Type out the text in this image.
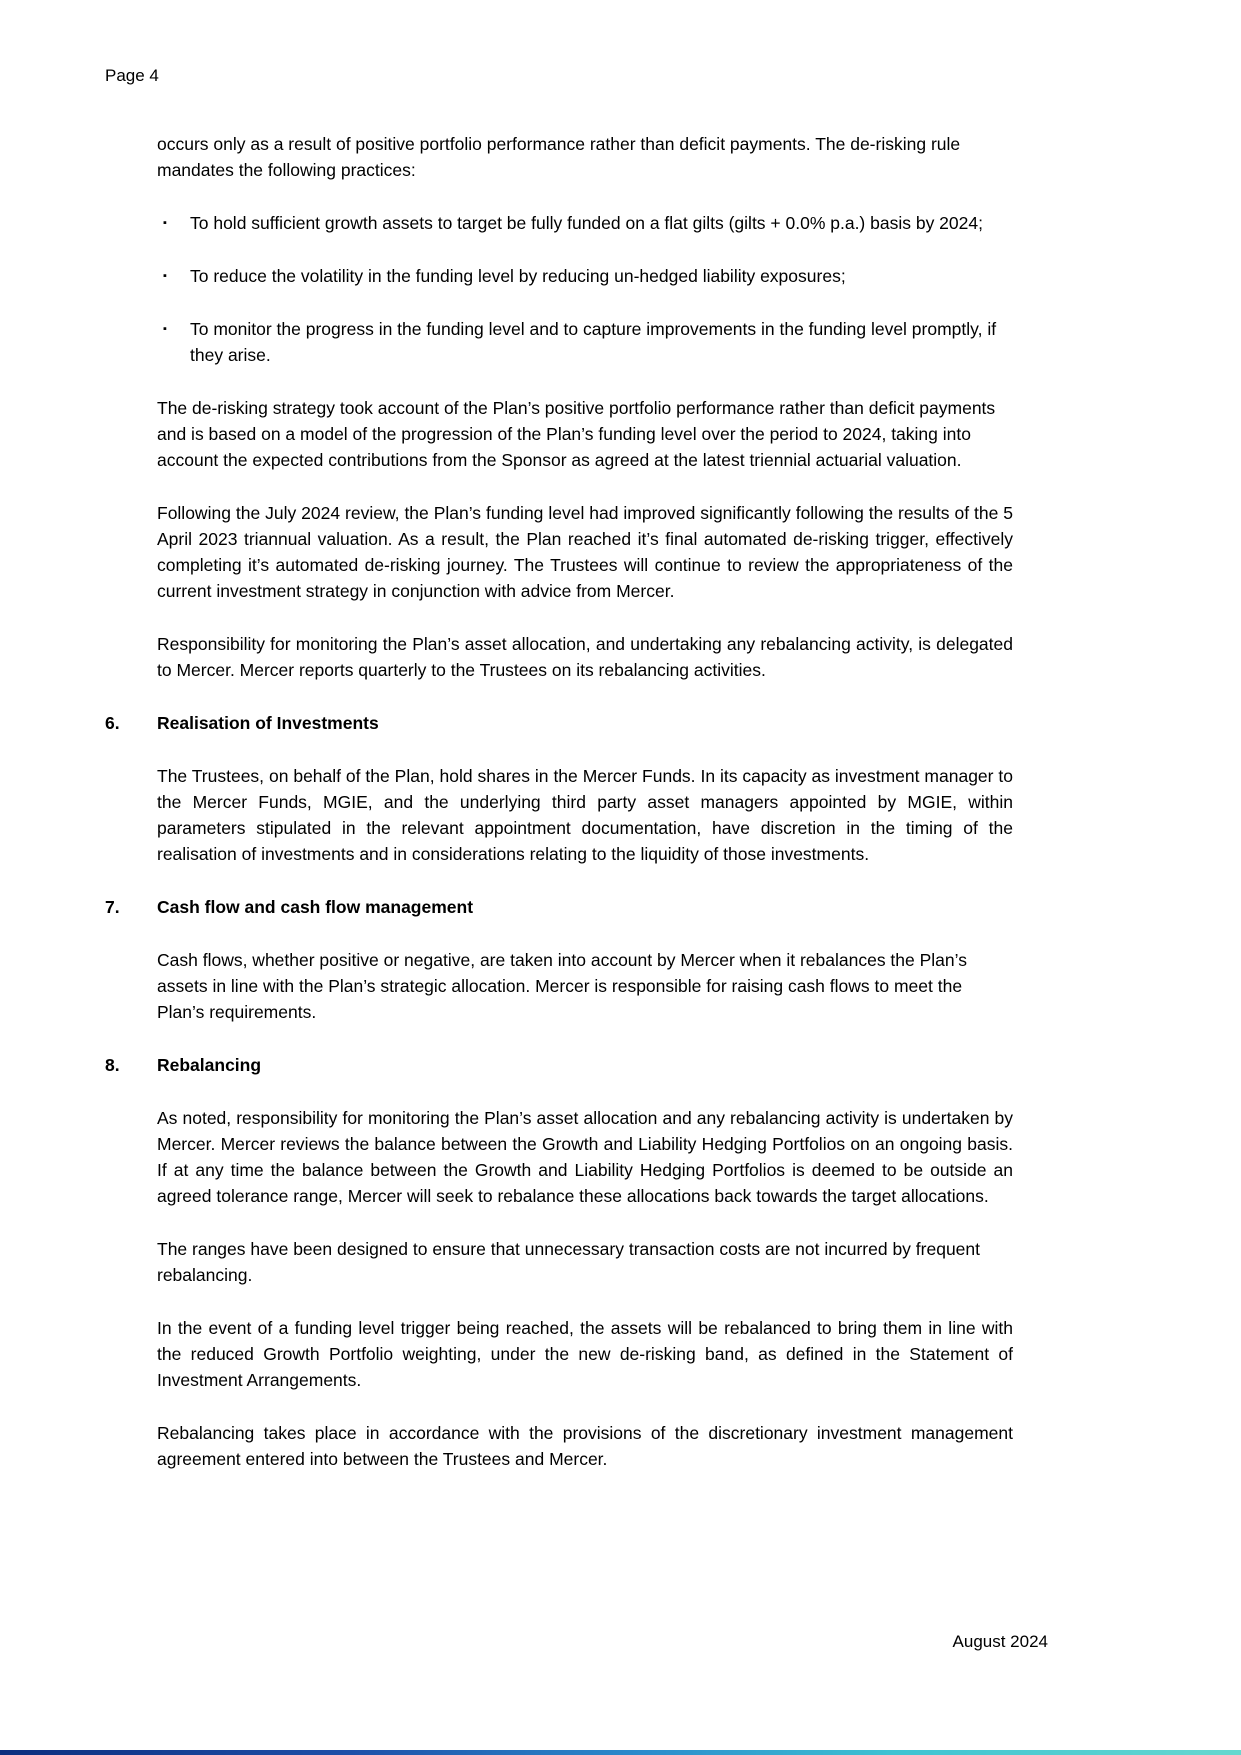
Page 4

occurs only as a result of positive portfolio performance rather than deficit payments. The de-risking rule mandates the following practices:

▪	To hold sufficient growth assets to target be fully funded on a flat gilts (gilts + 0.0% p.a.) basis by 2024;
▪	To reduce the volatility in the funding level by reducing un-hedged liability exposures;
▪	To monitor the progress in the funding level and to capture improvements in the funding level promptly, if they arise.

The de-risking strategy took account of the Plan’s positive portfolio performance rather than deficit payments and is based on a model of the progression of the Plan’s funding level over the period to 2024, taking into account the expected contributions from the Sponsor as agreed at the latest triennial actuarial valuation.

Following the July 2024 review, the Plan’s funding level had improved significantly following the results of the 5 April 2023 triannual valuation. As a result, the Plan reached it’s final automated de-risking trigger, effectively completing it’s automated de-risking journey. The Trustees will continue to review the appropriateness of the current investment strategy in conjunction with advice from Mercer.

Responsibility for monitoring the Plan’s asset allocation, and undertaking any rebalancing activity, is delegated to Mercer. Mercer reports quarterly to the Trustees on its rebalancing activities.

6. Realisation of Investments

The Trustees, on behalf of the Plan, hold shares in the Mercer Funds. In its capacity as investment manager to the Mercer Funds, MGIE, and the underlying third party asset managers appointed by MGIE, within parameters stipulated in the relevant appointment documentation, have discretion in the timing of the realisation of investments and in considerations relating to the liquidity of those investments.

7. Cash flow and cash flow management

Cash flows, whether positive or negative, are taken into account by Mercer when it rebalances the Plan’s assets in line with the Plan’s strategic allocation. Mercer is responsible for raising cash flows to meet the Plan’s requirements.

8. Rebalancing

As noted, responsibility for monitoring the Plan’s asset allocation and any rebalancing activity is undertaken by Mercer. Mercer reviews the balance between the Growth and Liability Hedging Portfolios on an ongoing basis. If at any time the balance between the Growth and Liability Hedging Portfolios is deemed to be outside an agreed tolerance range, Mercer will seek to rebalance these allocations back towards the target allocations.

The ranges have been designed to ensure that unnecessary transaction costs are not incurred by frequent rebalancing.

In the event of a funding level trigger being reached, the assets will be rebalanced to bring them in line with the reduced Growth Portfolio weighting, under the new de-risking band, as defined in the Statement of Investment Arrangements.

Rebalancing takes place in accordance with the provisions of the discretionary investment management agreement entered into between the Trustees and Mercer.

August 2024
